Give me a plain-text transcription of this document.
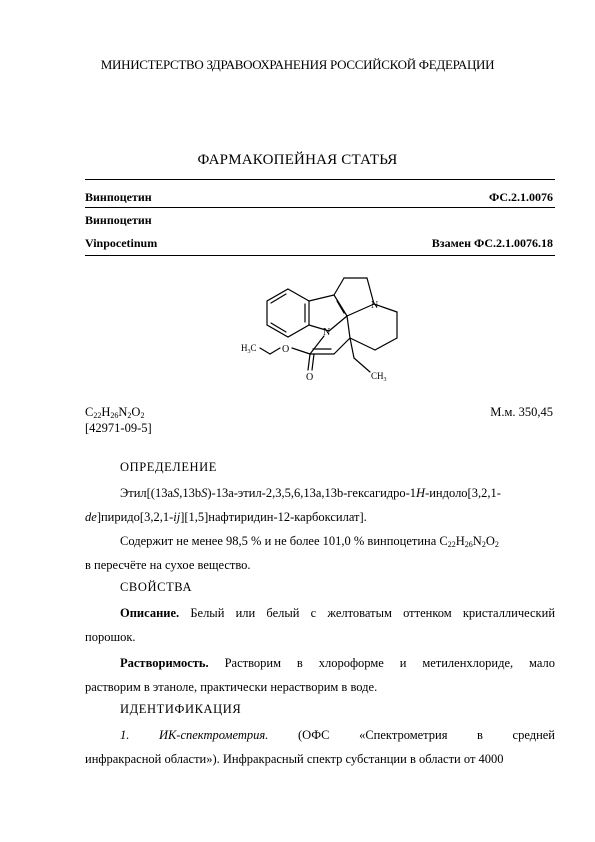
МИНИСТЕРСТВО ЗДРАВООХРАНЕНИЯ РОССИЙСКОЙ ФЕДЕРАЦИИ
ФАРМАКОПЕЙНАЯ СТАТЬЯ
Винпоцетин	ФС.2.1.0076
Винпоцетин
Vinpocetinum	Взамен ФС.2.1.0076.18
N
N
O
O
$H_3C$
$CH_3$
$C_{22}H_{26}N_2O_2$	М.м. 350,45
[42971-09-5]
ОПРЕДЕЛЕНИЕ
Этил[(13aS,13bS)-13a-этил-2,3,5,6,13a,13b-гексагидро-1H-индоло[3,2,1-
de]пиридо[3,2,1-ij][1,5]нафтиридин-12-карбоксилат].
Содержит не менее 98,5 % и не более 101,0 % винпоцетина $C_{22}H_{26}N_2O_2$
в пересчёте на сухое вещество.
СВОЙСТВА
Описание. Белый или белый с желтоватым оттенком кристаллический
порошок.
Растворимость. Растворим в хлороформе и метиленхлориде, мало
растворим в этаноле, практически нерастворим в воде.
ИДЕНТИФИКАЦИЯ
1. ИК-спектрометрия. (ОФС «Спектрометрия в средней
инфракрасной области»). Инфракрасный спектр субстанции в области от 4000
